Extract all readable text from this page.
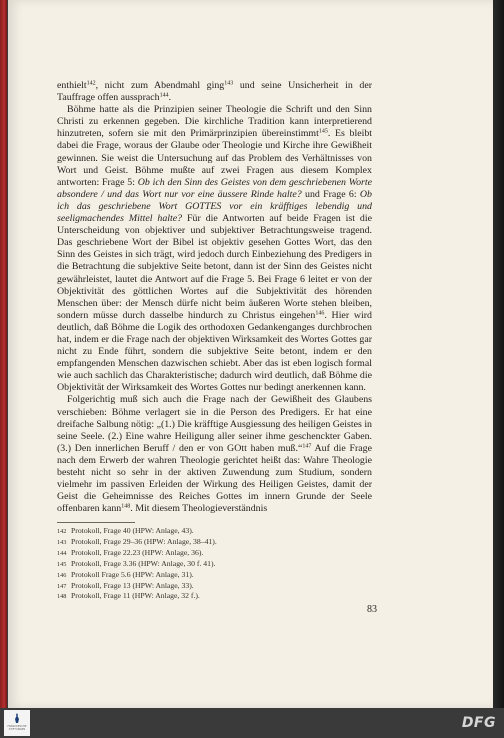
enthielt$^{142}$, nicht zum Abendmahl ging$^{143}$ und seine Unsicherheit in der Tauffrage offen aussprach$^{144}$.

Böhme hatte als die Prinzipien seiner Theologie die Schrift und den Sinn Christi zu erkennen gegeben. Die kirchliche Tradition kann interpretierend hinzutreten, sofern sie mit den Primärprinzipien übereinstimmt$^{145}$. Es bleibt dabei die Frage, woraus der Glaube oder Theologie und Kirche ihre Gewißheit gewinnen. Sie weist die Untersuchung auf das Problem des Verhältnisses von Wort und Geist. Böhme mußte auf zwei Fragen aus diesem Komplex antworten: Frage 5: Ob ich den Sinn des Geistes von dem geschriebenen Worte absondere / und das Wort nur vor eine äussere Rinde halte? und Frage 6: Ob ich das geschriebene Wort GOTTES vor ein kräfftiges lebendig und seeligmachendes Mittel halte? Für die Antworten auf beide Fragen ist die Unterscheidung von objektiver und subjektiver Betrachtungsweise tragend. Das geschriebene Wort der Bibel ist objektiv gesehen Gottes Wort, das den Sinn des Geistes in sich trägt, wird jedoch durch Einbeziehung des Predigers in die Betrachtung die subjektive Seite betont, dann ist der Sinn des Geistes nicht gewährleistet, lautet die Antwort auf die Frage 5. Bei Frage 6 leitet er von der Objektivität des göttlichen Wortes auf die Subjektivität des hörenden Menschen über: der Mensch dürfe nicht beim äußeren Worte stehen bleiben, sondern müsse durch dasselbe hindurch zu Christus eingehen$^{146}$. Hier wird deutlich, daß Böhme die Logik des orthodoxen Gedankenganges durchbrochen hat, indem er die Frage nach der objektiven Wirksamkeit des Wortes Gottes gar nicht zu Ende führt, sondern die subjektive Seite betont, indem er den empfangenden Menschen dazwischen schiebt. Aber das ist eben logisch formal wie auch sachlich das Charakteristische; dadurch wird deutlich, daß Böhme die Objektivität der Wirksamkeit des Wortes Gottes nur bedingt anerkennen kann.

Folgerichtig muß sich auch die Frage nach der Gewißheit des Glaubens verschieben: Böhme verlagert sie in die Person des Predigers. Er hat eine dreifache Salbung nötig: „(1.) Die kräfftige Ausgiessung des heiligen Geistes in seine Seele. (2.) Eine wahre Heiligung aller seiner ihme geschenckter Gaben. (3.) Den innerlichen Beruff / den er von GOtt haben muß.“$^{147}$ Auf die Frage nach dem Erwerb der wahren Theologie gerichtet heißt das: Wahre Theologie besteht nicht so sehr in der aktiven Zuwendung zum Studium, sondern vielmehr im passiven Erleiden der Wirkung des Heiligen Geistes, damit der Geist die Geheimnisse des Reiches Gottes im innern Grunde der Seele offenbaren kann$^{148}$. Mit diesem Theologieverständnis

142 Protokoll, Frage 40 (HPW: Anlage, 43).
143 Protokoll, Frage 29–36 (HPW: Anlage, 38–41).
144 Protokoll, Frage 22.23 (HPW: Anlage, 36).
145 Protokoll, Frage 3.36 (HPW: Anlage, 30 f. 41).
146 Protokoll Frage 5.6 (HPW: Anlage, 31).
147 Protokoll, Frage 13 (HPW: Anlage, 33).
148 Protokoll, Frage 11 (HPW: Anlage, 32 f.).
83
FRANCKESCHE STIFTUNGEN	DFG
